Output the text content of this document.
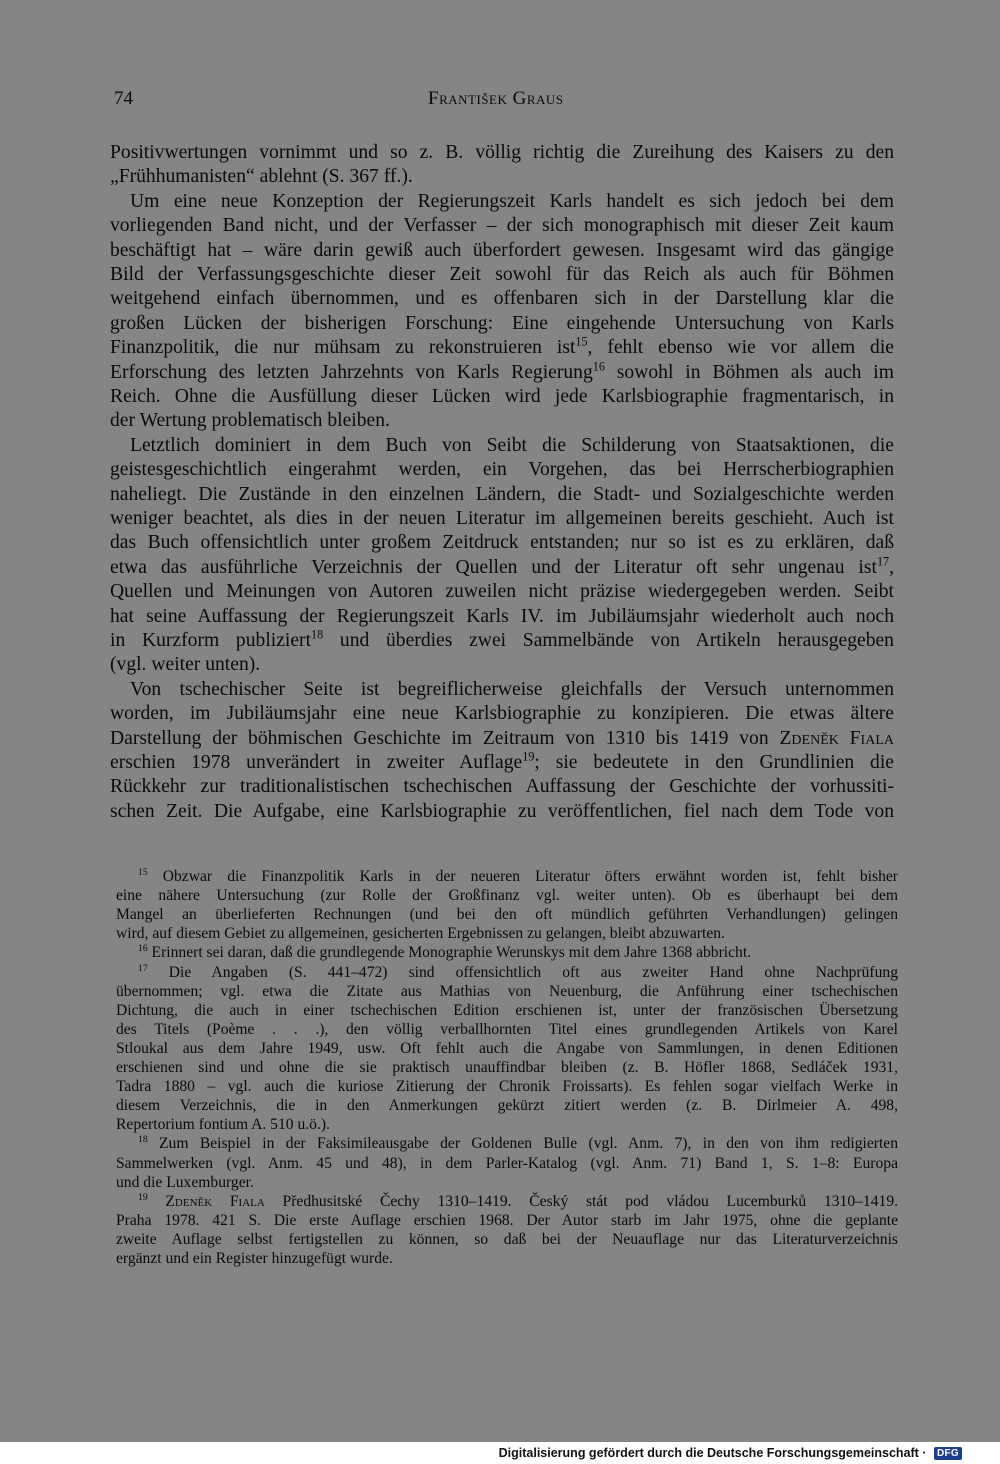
74	František Graus
Positivwertungen vornimmt und so z. B. völlig richtig die Zureihung des Kaisers zu den
„Frühhumanisten“ ablehnt (S. 367 ff.).
Um eine neue Konzeption der Regierungszeit Karls handelt es sich jedoch bei dem
vorliegenden Band nicht, und der Verfasser – der sich monographisch mit dieser Zeit kaum
beschäftigt hat – wäre darin gewiß auch überfordert gewesen. Insgesamt wird das gängige
Bild der Verfassungsgeschichte dieser Zeit sowohl für das Reich als auch für Böhmen
weitgehend einfach übernommen, und es offenbaren sich in der Darstellung klar die
großen Lücken der bisherigen Forschung: Eine eingehende Untersuchung von Karls
Finanzpolitik, die nur mühsam zu rekonstruieren ist$^{15}$, fehlt ebenso wie vor allem die
Erforschung des letzten Jahrzehnts von Karls Regierung$^{16}$ sowohl in Böhmen als auch im
Reich. Ohne die Ausfüllung dieser Lücken wird jede Karlsbiographie fragmentarisch, in
der Wertung problematisch bleiben.
Letztlich dominiert in dem Buch von Seibt die Schilderung von Staatsaktionen, die
geistesgeschichtlich eingerahmt werden, ein Vorgehen, das bei Herrscherbiographien
naheliegt. Die Zustände in den einzelnen Ländern, die Stadt- und Sozialgeschichte werden
weniger beachtet, als dies in der neuen Literatur im allgemeinen bereits geschieht. Auch ist
das Buch offensichtlich unter großem Zeitdruck entstanden; nur so ist es zu erklären, daß
etwa das ausführliche Verzeichnis der Quellen und der Literatur oft sehr ungenau ist$^{17}$,
Quellen und Meinungen von Autoren zuweilen nicht präzise wiedergegeben werden. Seibt
hat seine Auffassung der Regierungszeit Karls IV. im Jubiläumsjahr wiederholt auch noch
in Kurzform publiziert$^{18}$ und überdies zwei Sammelbände von Artikeln herausgegeben
(vgl. weiter unten).
Von tschechischer Seite ist begreiflicherweise gleichfalls der Versuch unternommen
worden, im Jubiläumsjahr eine neue Karlsbiographie zu konzipieren. Die etwas ältere
Darstellung der böhmischen Geschichte im Zeitraum von 1310 bis 1419 von Zdeněk Fiala
erschien 1978 unverändert in zweiter Auflage$^{19}$; sie bedeutete in den Grundlinien die
Rückkehr zur traditionalistischen tschechischen Auffassung der Geschichte der vorhussiti-
schen Zeit. Die Aufgabe, eine Karlsbiographie zu veröffentlichen, fiel nach dem Tode von
$^{15}$ Obzwar die Finanzpolitik Karls in der neueren Literatur öfters erwähnt worden ist, fehlt bisher
eine nähere Untersuchung (zur Rolle der Großfinanz vgl. weiter unten). Ob es überhaupt bei dem
Mangel an überlieferten Rechnungen (und bei den oft mündlich geführten Verhandlungen) gelingen
wird, auf diesem Gebiet zu allgemeinen, gesicherten Ergebnissen zu gelangen, bleibt abzuwarten.
$^{16}$ Erinnert sei daran, daß die grundlegende Monographie Werunskys mit dem Jahre 1368 abbricht.
$^{17}$ Die Angaben (S. 441–472) sind offensichtlich oft aus zweiter Hand ohne Nachprüfung
übernommen; vgl. etwa die Zitate aus Mathias von Neuenburg, die Anführung einer tschechischen
Dichtung, die auch in einer tschechischen Edition erschienen ist, unter der französischen Übersetzung
des Titels (Poème . . .), den völlig verballhornten Titel eines grundlegenden Artikels von Karel
Stloukal aus dem Jahre 1949, usw. Oft fehlt auch die Angabe von Sammlungen, in denen Editionen
erschienen sind und ohne die sie praktisch unauffindbar bleiben (z. B. Höfler 1868, Sedláček 1931,
Tadra 1880 – vgl. auch die kuriose Zitierung der Chronik Froissarts). Es fehlen sogar vielfach Werke in
diesem Verzeichnis, die in den Anmerkungen gekürzt zitiert werden (z. B. Dirlmeier A. 498,
Repertorium fontium A. 510 u.ö.).
$^{18}$ Zum Beispiel in der Faksimileausgabe der Goldenen Bulle (vgl. Anm. 7), in den von ihm redigierten
Sammelwerken (vgl. Anm. 45 und 48), in dem Parler-Katalog (vgl. Anm. 71) Band 1, S. 1–8: Europa
und die Luxemburger.
$^{19}$ Zdeněk Fiala Předhusitské Čechy 1310–1419. Český stát pod vládou Lucemburků 1310–1419.
Praha 1978. 421 S. Die erste Auflage erschien 1968. Der Autor starb im Jahr 1975, ohne die geplante
zweite Auflage selbst fertigstellen zu können, so daß bei der Neuauflage nur das Literaturverzeichnis
ergänzt und ein Register hinzugefügt wurde.
Digitalisierung gefördert durch die Deutsche Forschungsgemeinschaft · DFG
